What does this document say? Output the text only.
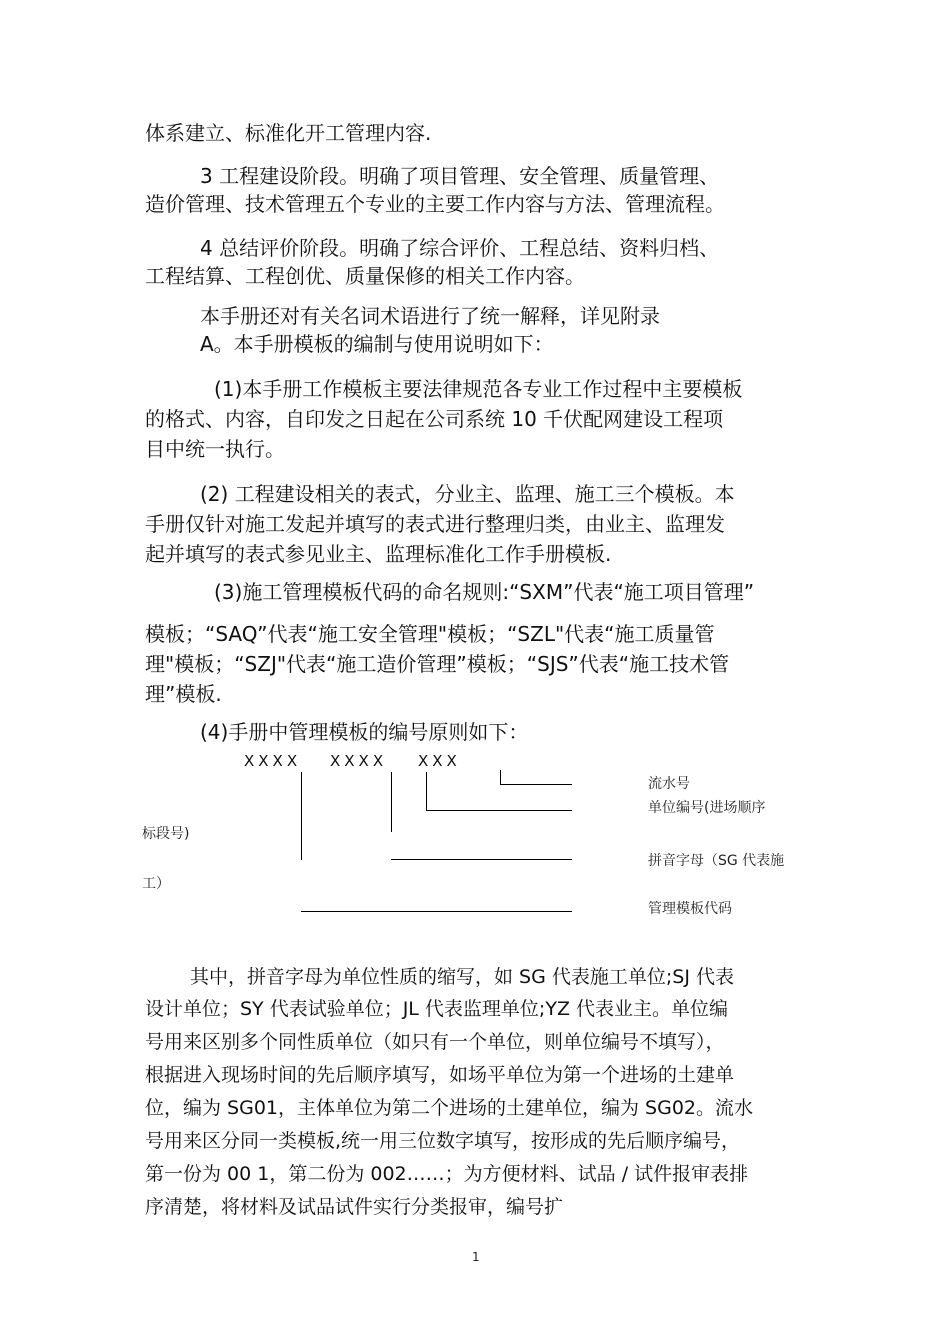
体系建立、标准化开工管理内容.
3 工程建设阶段。明确了项目管理、安全管理、质量管理、
造价管理、技术管理五个专业的主要工作内容与方法、管理流程。
4 总结评价阶段。明确了综合评价、工程总结、资料归档、
工程结算、工程创优、质量保修的相关工作内容。
本手册还对有关名词术语进行了统一解释，详见附录
A。本手册模板的编制与使用说明如下：
(1)本手册工作模板主要法律规范各专业工作过程中主要模板
的格式、内容，自印发之日起在公司系统 10 千伏配网建设工程项
目中统一执行。
(2) 工程建设相关的表式，分业主、监理、施工三个模板。本
手册仅针对施工发起并填写的表式进行整理归类，由业主、监理发
起并填写的表式参见业主、监理标准化工作手册模板.
(3)施工管理模板代码的命名规则:“SXM”代表“施工项目管理”
模板；“SAQ”代表“施工安全管理"模板；“SZL"代表“施工质量管
理"模板；“SZJ"代表“施工造价管理”模板；“SJS”代表“施工技术管
理”模板.
(4)手册中管理模板的编号原则如下：
XXXX XXXX XXX
流水号
单位编号(进场顺序
标段号)
拼音字母（SG 代表施
工）
管理模板代码
其中，拼音字母为单位性质的缩写，如 SG 代表施工单位;SJ 代表
设计单位；SY 代表试验单位；JL 代表监理单位;YZ 代表业主。单位编
号用来区别多个同性质单位（如只有一个单位，则单位编号不填写），
根据进入现场时间的先后顺序填写，如场平单位为第一个进场的土建单
位，编为 SG01，主体单位为第二个进场的土建单位，编为 SG02。流水
号用来区分同一类模板,统一用三位数字填写，按形成的先后顺序编号，
第一份为 00 1，第二份为 002……；为方便材料、试品 / 试件报审表排
序清楚，将材料及试品试件实行分类报审，编号扩
1
